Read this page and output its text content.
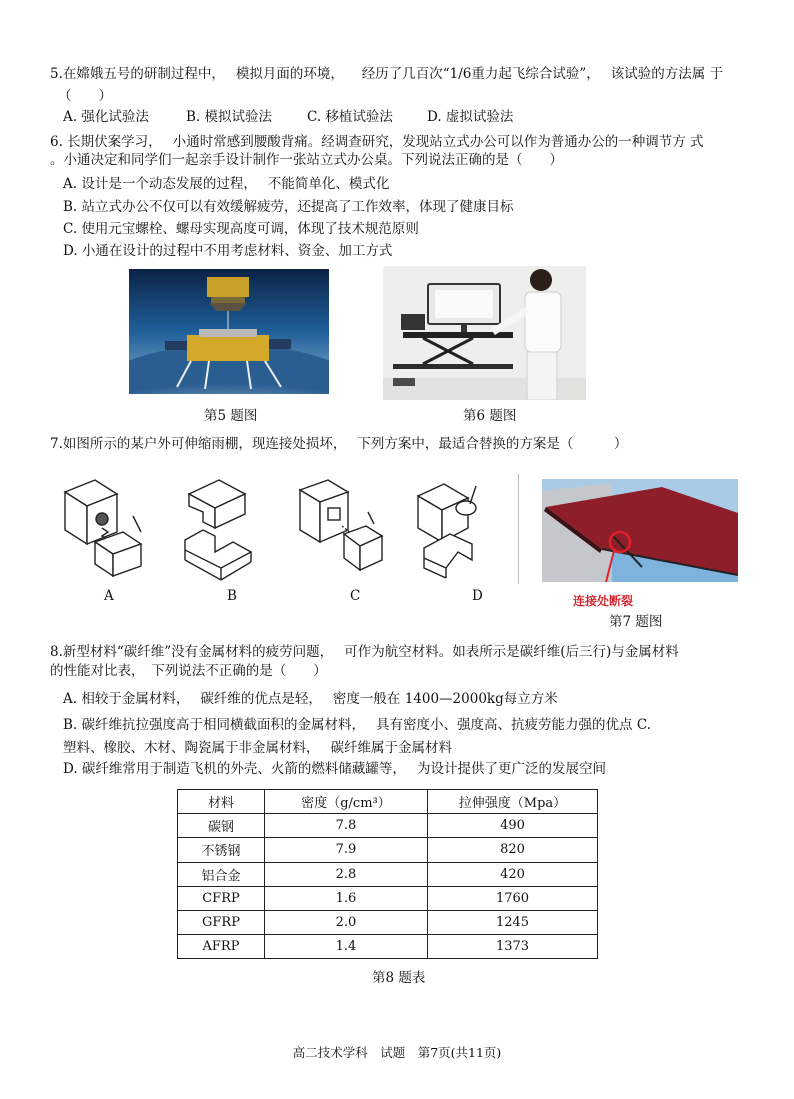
5.在嫦娥五号的研制过程中，　 模拟月面的环境， 　经历了几百次“1/6重力起飞综合试验”，　 该试验的方法属 于
（　　）
A. 强化试验法	B. 模拟试验法	C. 移植试验法	D. 虚拟试验法
6. 长期伏案学习，　 小通时常感到腰酸背痛。经调查研究，发现站立式办公可以作为普通办公的一种调节方 式
。小通决定和同学们一起亲手设计制作一张站立式办公桌。下列说法正确的是（　　）
A. 设计是一个动态发展的过程，　 不能简单化、模式化
B. 站立式办公不仅可以有效缓解疲劳，还提高了工作效率，体现了健康目标
C. 使用元宝螺栓、螺母实现高度可调，体现了技术规范原则
D. 小通在设计的过程中不用考虑材料、资金、加工方式
第5 题图	第6 题图
7.如图所示的某户外可伸缩雨棚，现连接处损坏，　 下列方案中，最适合替换的方案是（　　　）
A	B	C	D	连接处断裂
第7 题图
8.新型材料“碳纤维”没有金属材料的疲劳问题，　 可作为航空材料。如表所示是碳纤维(后三行)与金属材料
的性能对比表，　下列说法不正确的是（　　）
A. 相较于金属材料，　 碳纤维的优点是轻，　 密度一般在 1400—2000kg每立方米
B. 碳纤维抗拉强度高于相同横截面积的金属材料，　 具有密度小、强度高、抗疲劳能力强的优点 C.
塑料、橡胶、木材、陶瓷属于非金属材料，　 碳纤维属于金属材料
D. 碳纤维常用于制造飞机的外壳、火箭的燃料储藏罐等，　 为设计提供了更广泛的发展空间
材料	密度（g/cm³）	拉伸强度（Mpa）
碳钢	7.8	490
不锈钢	7.9	820
铝合金	2.8	420
CFRP	1.6	1760
GFRP	2.0	1245
AFRP	1.4	1373
第8 题表
高二技术学科　试题　第7页(共11页)
